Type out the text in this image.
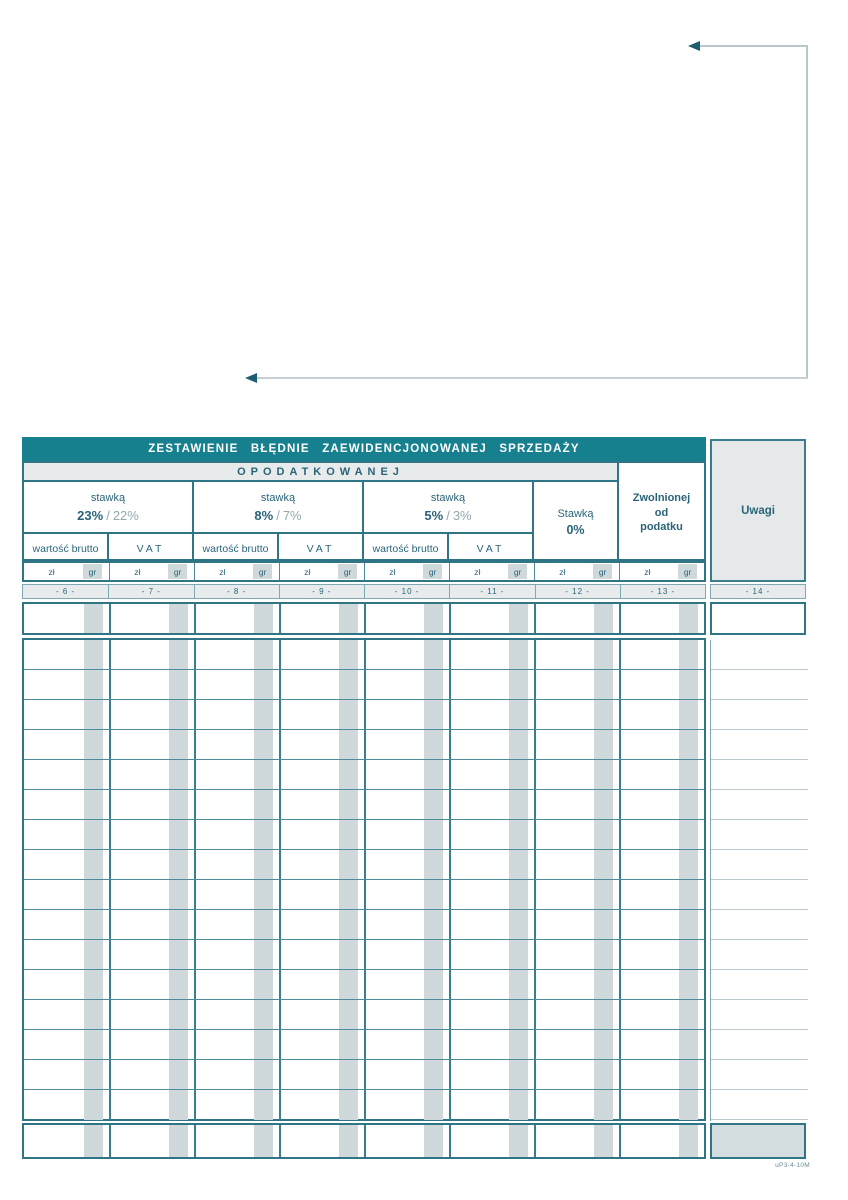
ZESTAWIENIE BŁĘDNIE ZAEWIDENCJONOWANEJ SPRZEDAŻY
OPODATKOWANEJ
stawką
23% / 22%
stawką
8% / 7%
stawką
5% / 3%
wartość brutto	VAT	wartość brutto	VAT	wartość brutto	VAT
Stawką
0%
Zwolnionej
od
podatku
zł	gr	zł	gr	zł	gr	zł	gr	zł	gr	zł	gr	zł	gr	zł	gr
- 6 -	- 7 -	- 8 -	- 9 -	- 10 -	- 11 -	- 12 -	- 13 -	- 14 -
Uwagi
uP3-4-10M
